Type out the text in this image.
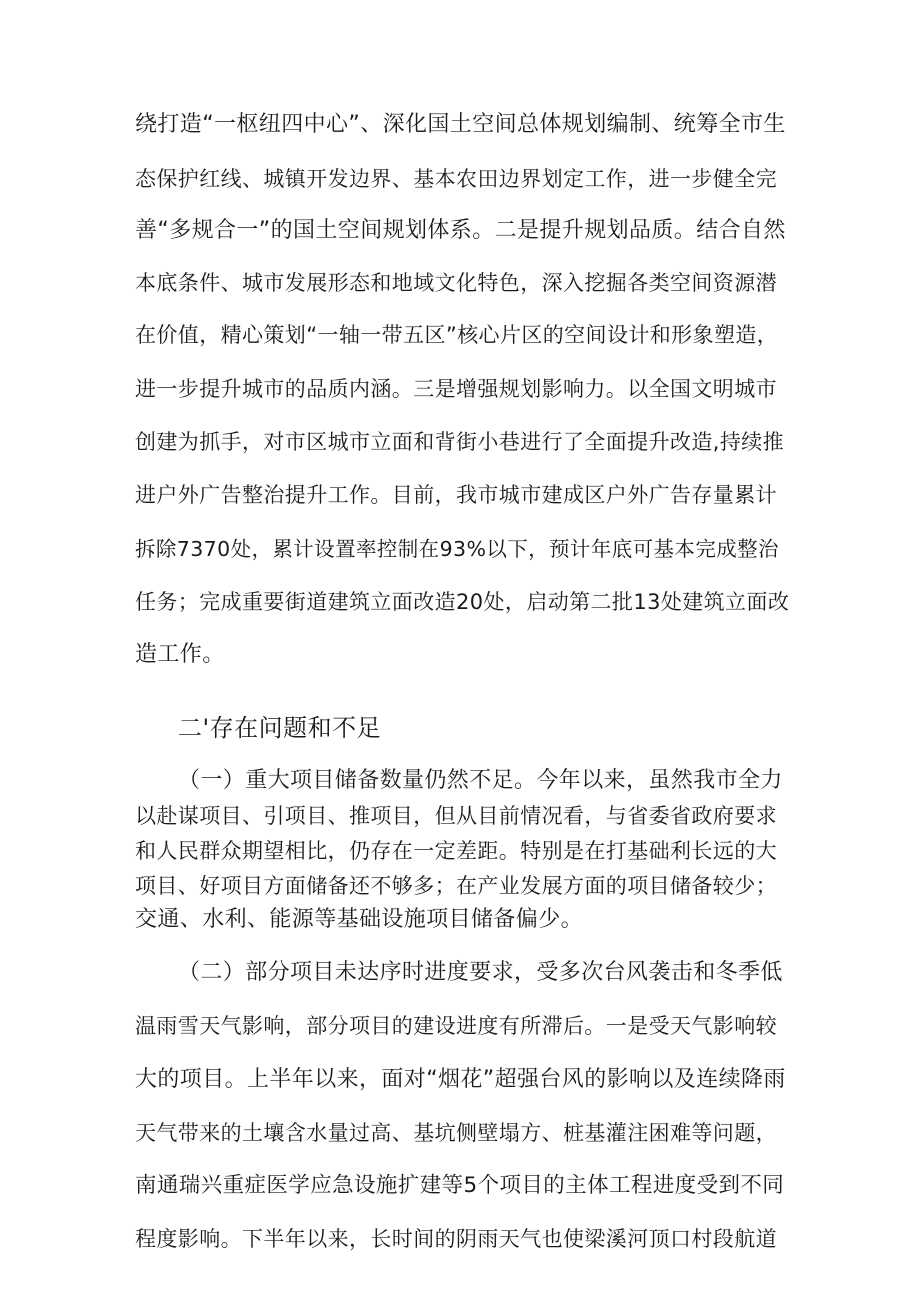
绕打造“一枢纽四中心”、深化国土空间总体规划编制、统筹全市生
态保护红线、城镇开发边界、基本农田边界划定工作，进一步健全完
善“多规合一”的国土空间规划体系。二是提升规划品质。结合自然
本底条件、城市发展形态和地域文化特色，深入挖掘各类空间资源潜
在价值，精心策划“一轴一带五区”核心片区的空间设计和形象塑造，
进一步提升城市的品质内涵。三是增强规划影响力。以全国文明城市
创建为抓手，对市区城市立面和背街小巷进行了全面提升改造,持续推
进户外广告整治提升工作。目前，我市城市建成区户外广告存量累计
拆除7370处，累计设置率控制在93%以下，预计年底可基本完成整治
任务；完成重要街道建筑立面改造20处，启动第二批13处建筑立面改
造工作。
二'存在问题和不足
（一）重大项目储备数量仍然不足。今年以来，虽然我市全力
以赴谋项目、引项目、推项目，但从目前情况看，与省委省政府要求
和人民群众期望相比，仍存在一定差距。特别是在打基础利长远的大
项目、好项目方面储备还不够多；在产业发展方面的项目储备较少；
交通、水利、能源等基础设施项目储备偏少。
（二）部分项目未达序时进度要求，受多次台风袭击和冬季低
温雨雪天气影响，部分项目的建设进度有所滞后。一是受天气影响较
大的项目。上半年以来，面对“烟花”超强台风的影响以及连续降雨
天气带来的土壤含水量过高、基坑侧壁塌方、桩基灌注困难等问题，
南通瑞兴重症医学应急设施扩建等5个项目的主体工程进度受到不同
程度影响。下半年以来，长时间的阴雨天气也使梁溪河顶口村段航道
